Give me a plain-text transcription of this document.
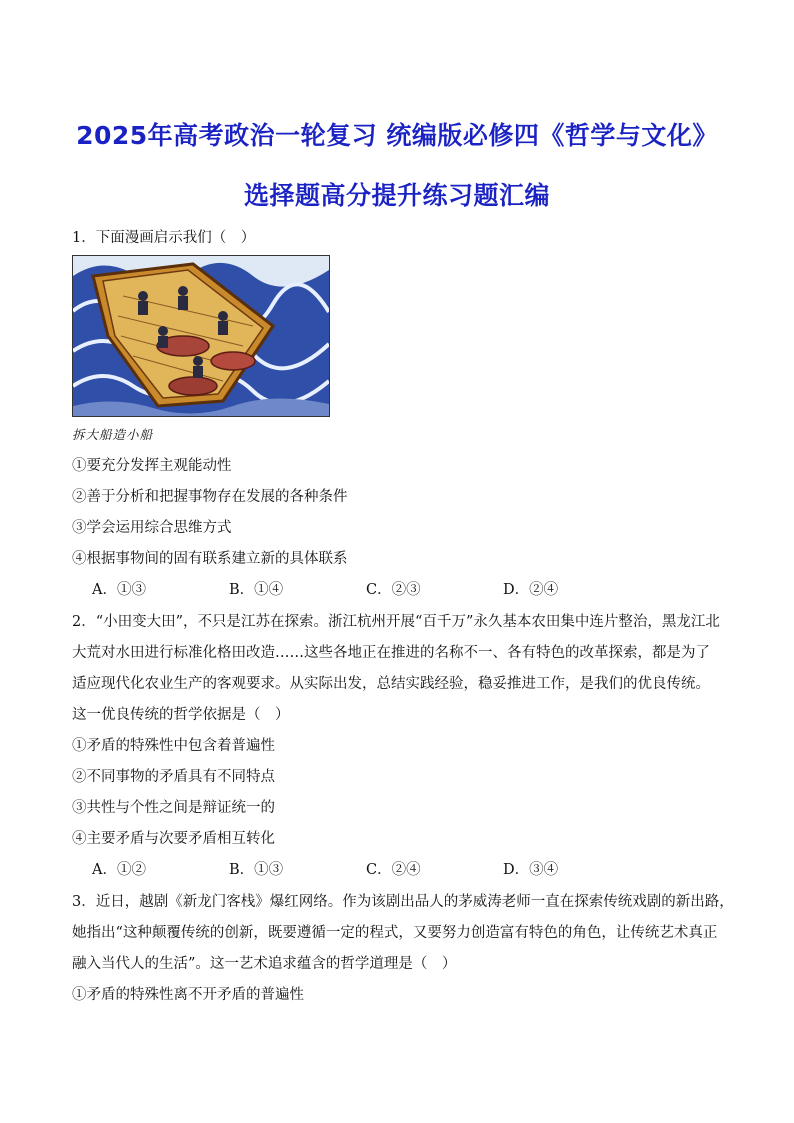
2025年高考政治一轮复习 统编版必修四《哲学与文化》
选择题高分提升练习题汇编
1．下面漫画启示我们（　）
拆大船造小船
①要充分发挥主观能动性
②善于分析和把握事物存在发展的各种条件
③学会运用综合思维方式
④根据事物间的固有联系建立新的具体联系
A．①③	B．①④	C．②③	D．②④
2．“小田变大田”，不只是江苏在探索。浙江杭州开展“百千万”永久基本农田集中连片整治，黑龙江北
大荒对水田进行标准化格田改造……这些各地正在推进的名称不一、各有特色的改革探索，都是为了
适应现代化农业生产的客观要求。从实际出发，总结实践经验，稳妥推进工作，是我们的优良传统。
这一优良传统的哲学依据是（　）
①矛盾的特殊性中包含着普遍性
②不同事物的矛盾具有不同特点
③共性与个性之间是辩证统一的
④主要矛盾与次要矛盾相互转化
A．①②	B．①③	C．②④	D．③④
3．近日，越剧《新龙门客栈》爆红网络。作为该剧出品人的茅威涛老师一直在探索传统戏剧的新出路，
她指出“这种颠覆传统的创新，既要遵循一定的程式，又要努力创造富有特色的角色，让传统艺术真正
融入当代人的生活”。这一艺术追求蕴含的哲学道理是（　）
①矛盾的特殊性离不开矛盾的普遍性
